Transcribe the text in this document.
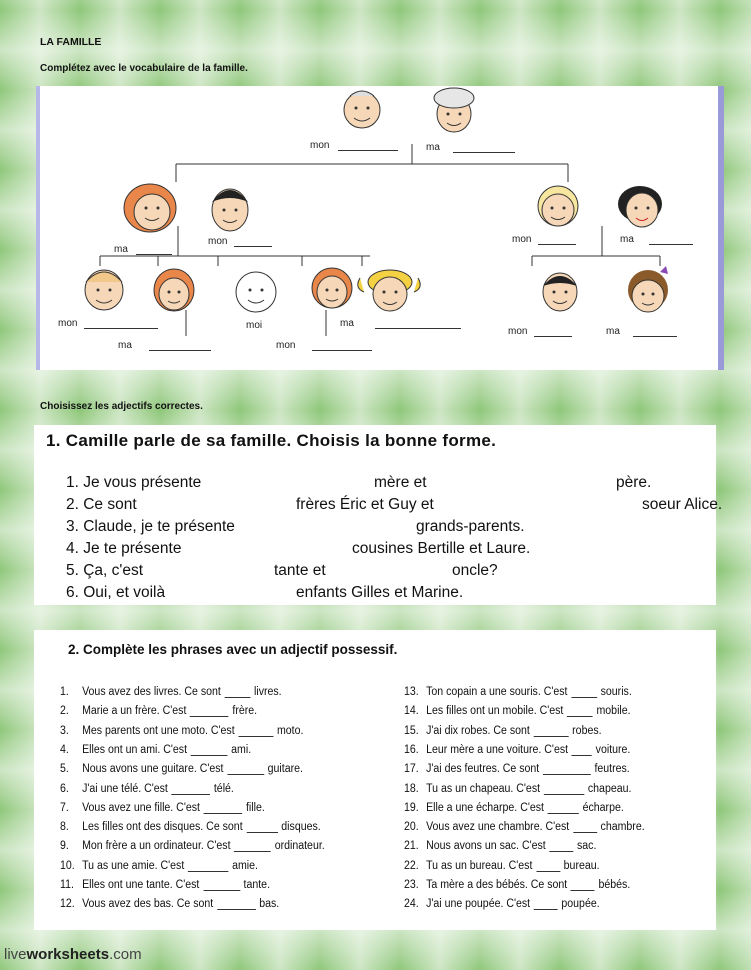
LA FAMILLE
Complétez avec le vocabulaire de la famille.
mon	ma
ma
mon	mon	ma
mon
ma
moi
mon
ma
mon	ma
Choisissez les adjectifs correctes.
1. Camille parle de sa famille. Choisis la bonne forme.
1. Je vous présente	mère et	père.
2. Ce sont	frères Éric et Guy et	soeur Alice.
3. Claude, je te présente	grands-parents.
4. Je te présente	cousines Bertille et Laure.
5. Ça, c'est	tante et	oncle?
6. Oui, et voilà	enfants Gilles et Marine.
2. Complète les phrases avec un adjectif possessif.
1. Vous avez des livres. Ce sont	livres.
2. Marie a un frère. C'est	frère.
3. Mes parents ont une moto. C'est	moto.
4. Elles ont un ami. C'est	ami.
5. Nous avons une guitare. C'est	guitare.
6. J'ai une télé. C'est	télé.
7. Vous avez une fille. C'est	fille.
8. Les filles ont des disques. Ce sont	disques.
9. Mon frère a un ordinateur. C'est	ordinateur.
10. Tu as une amie. C'est	amie.
11. Elles ont une tante. C'est	tante.
12. Vous avez des bas. Ce sont	bas.
13. Ton copain a une souris. C'est	souris.
14. Les filles ont un mobile. C'est	mobile.
15. J'ai dix robes. Ce sont	robes.
16. Leur mère a une voiture. C'est voiture.
17. J'ai des feutres. Ce sont	feutres.
18. Tu as un chapeau. C'est	chapeau.
19. Elle a une écharpe. C'est	écharpe.
20. Vous avez une chambre. C'est	chambre.
21. Nous avons un sac. C'est	sac.
22. Tu as un bureau. C'est	bureau.
23. Ta mère a des bébés. Ce sont	bébés.
24. J'ai une poupée. C'est	poupée.
liveworksheets.com
